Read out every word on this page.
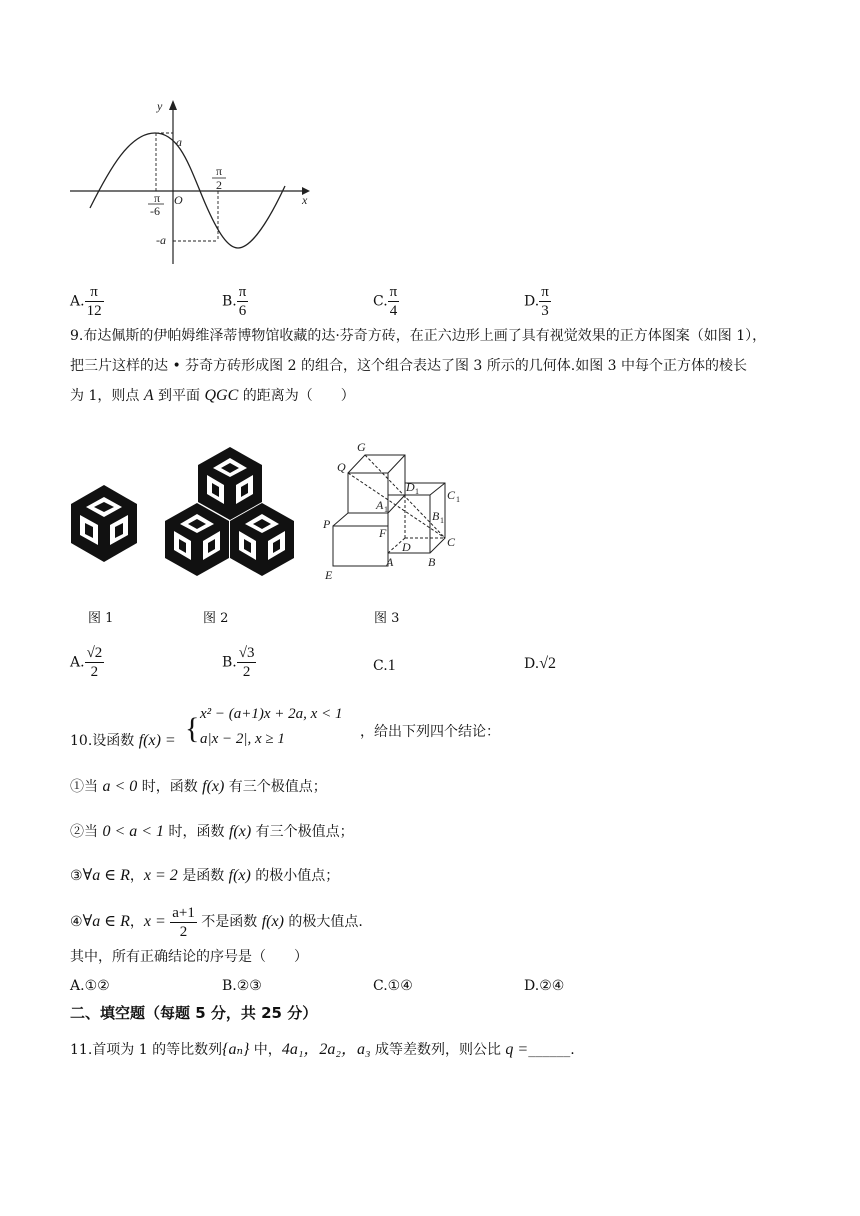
y
x
O
a
-a
π
-6
π
2
A. $\frac{\pi}{12}$	B. $\frac{\pi}{6}$	C. $\frac{\pi}{4}$	D. $\frac{\pi}{3}$
9.布达佩斯的伊帕姆维泽蒂博物馆收藏的达·芬奇方砖，在正六边形上画了具有视觉效果的正方体图案（如图 1），
把三片这样的达 • 芬奇方砖形成图 2 的组合，这个组合表达了图 3 所示的几何体.如图 3 中每个正方体的棱长
为 1，则点 A 到平面 QGC 的距离为（　　）
G
Q
D
C
A
B
P
F
D	C
E
A	B
1
1
1
1
图 1	图 2	图 3
A. $\frac{√2}{2}$	B. $\frac{√3}{2}$	C.1	D.√2
10.设函数 f(x) = { x² − (a+1)x + 2a, x < 1
a|x − 2|, x ≥ 1	，给出下列四个结论：
①当 a < 0 时，函数 f(x) 有三个极值点；
②当 0 < a < 1 时，函数 f(x) 有三个极值点；
③∀a ∈ R，x = 2 是函数 f(x) 的极小值点；
④∀a ∈ R，$x = \frac{a+1}{2}$ 不是函数 f(x) 的极大值点.
其中，所有正确结论的序号是（　　）
A.①②	B.②③	C.①④	D.②④
二、填空题（每题 5 分，共 25 分）
11.首项为 1 的等比数列{aₙ} 中，4a₁，2a₂，a₃ 成等差数列，则公比 q =______.
